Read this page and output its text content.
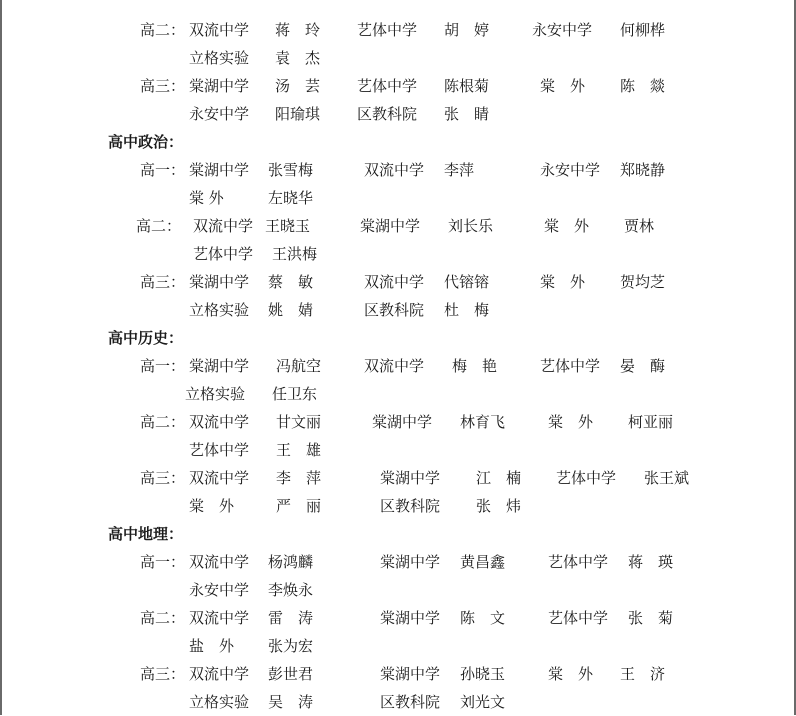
高二： 双流中学 蒋　玲 艺体中学 胡　婷	永安中学 何柳桦
立格实验 袁　杰
高三： 棠湖中学 汤　芸 艺体中学 陈根菊	棠　外 陈　燚
永安中学 阳瑜琪 区教科院 张　睛
高中政治：
高一： 棠湖中学 张雪梅	双流中学 李萍	永安中学 郑晓静
棠 外	左晓华
高二： 双流中学 王晓玉	棠湖中学 刘长乐	棠　外 贾林
艺体中学 王洪梅
高三： 棠湖中学 蔡　敏	双流中学 代镕镕	棠　外 贺均芝
立格实验 姚　婧	区教科院 杜　梅
高中历史：
高一： 棠湖中学 冯航空	双流中学 梅　艳	艺体中学 晏　酶
立格实验 任卫东
高二： 双流中学 甘文丽	棠湖中学 林育飞	棠　外 柯亚丽
艺体中学 王　雄
高三： 双流中学 李　萍	棠湖中学 江　楠 艺体中学 张王斌
棠　外	严　丽	区教科院 张　炜
高中地理：
高一： 双流中学 杨鸿麟	棠湖中学 黄昌鑫	艺体中学 蒋　瑛
永安中学 李焕永
高二： 双流中学 雷　涛	棠湖中学 陈　文	艺体中学 张　菊
盐　外 张为宏
高三： 双流中学 彭世君	棠湖中学 孙晓玉	棠　外 王　济
立格实验 吴　涛	区教科院 刘光文
